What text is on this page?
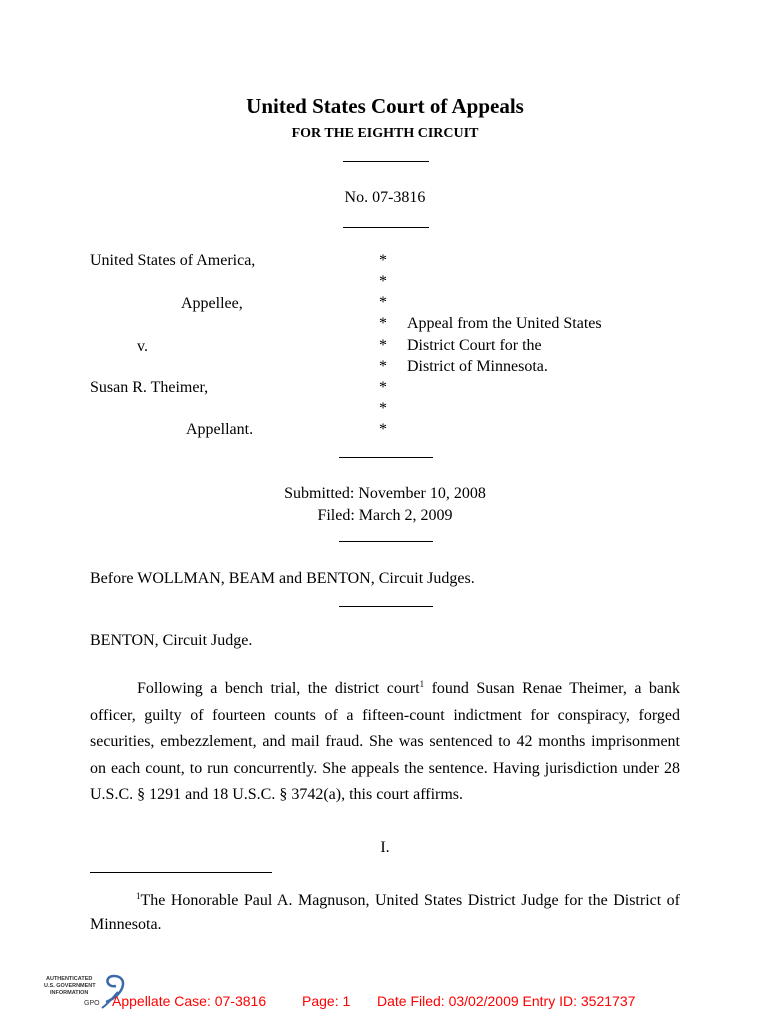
United States Court of Appeals
FOR THE EIGHTH CIRCUIT
No. 07-3816
United States of America,
Appellee,
v.
Susan R. Theimer,
Appellant.
*
*
*
*
*
*
*
*
*
Appeal from the United States
District Court for the
District of Minnesota.
Submitted: November 10, 2008
Filed: March 2, 2009
Before WOLLMAN, BEAM and BENTON, Circuit Judges.
BENTON, Circuit Judge.

Following a bench trial, the district court$^1$ found Susan Renae Theimer, a bank officer, guilty of fourteen counts of a fifteen-count indictment for conspiracy, forged securities, embezzlement, and mail fraud. She was sentenced to 42 months imprisonment on each count, to run concurrently. She appeals the sentence. Having jurisdiction under 28 U.S.C. § 1291 and 18 U.S.C. § 3742(a), this court affirms.

I.
$^1$The Honorable Paul A. Magnuson, United States District Judge for the District of Minnesota.
AUTHENTICATED
U.S. GOVERNMENT
INFORMATION
GPO Appellate Case: 07-3816	Page: 1 Date Filed: 03/02/2009 Entry ID: 3521737
